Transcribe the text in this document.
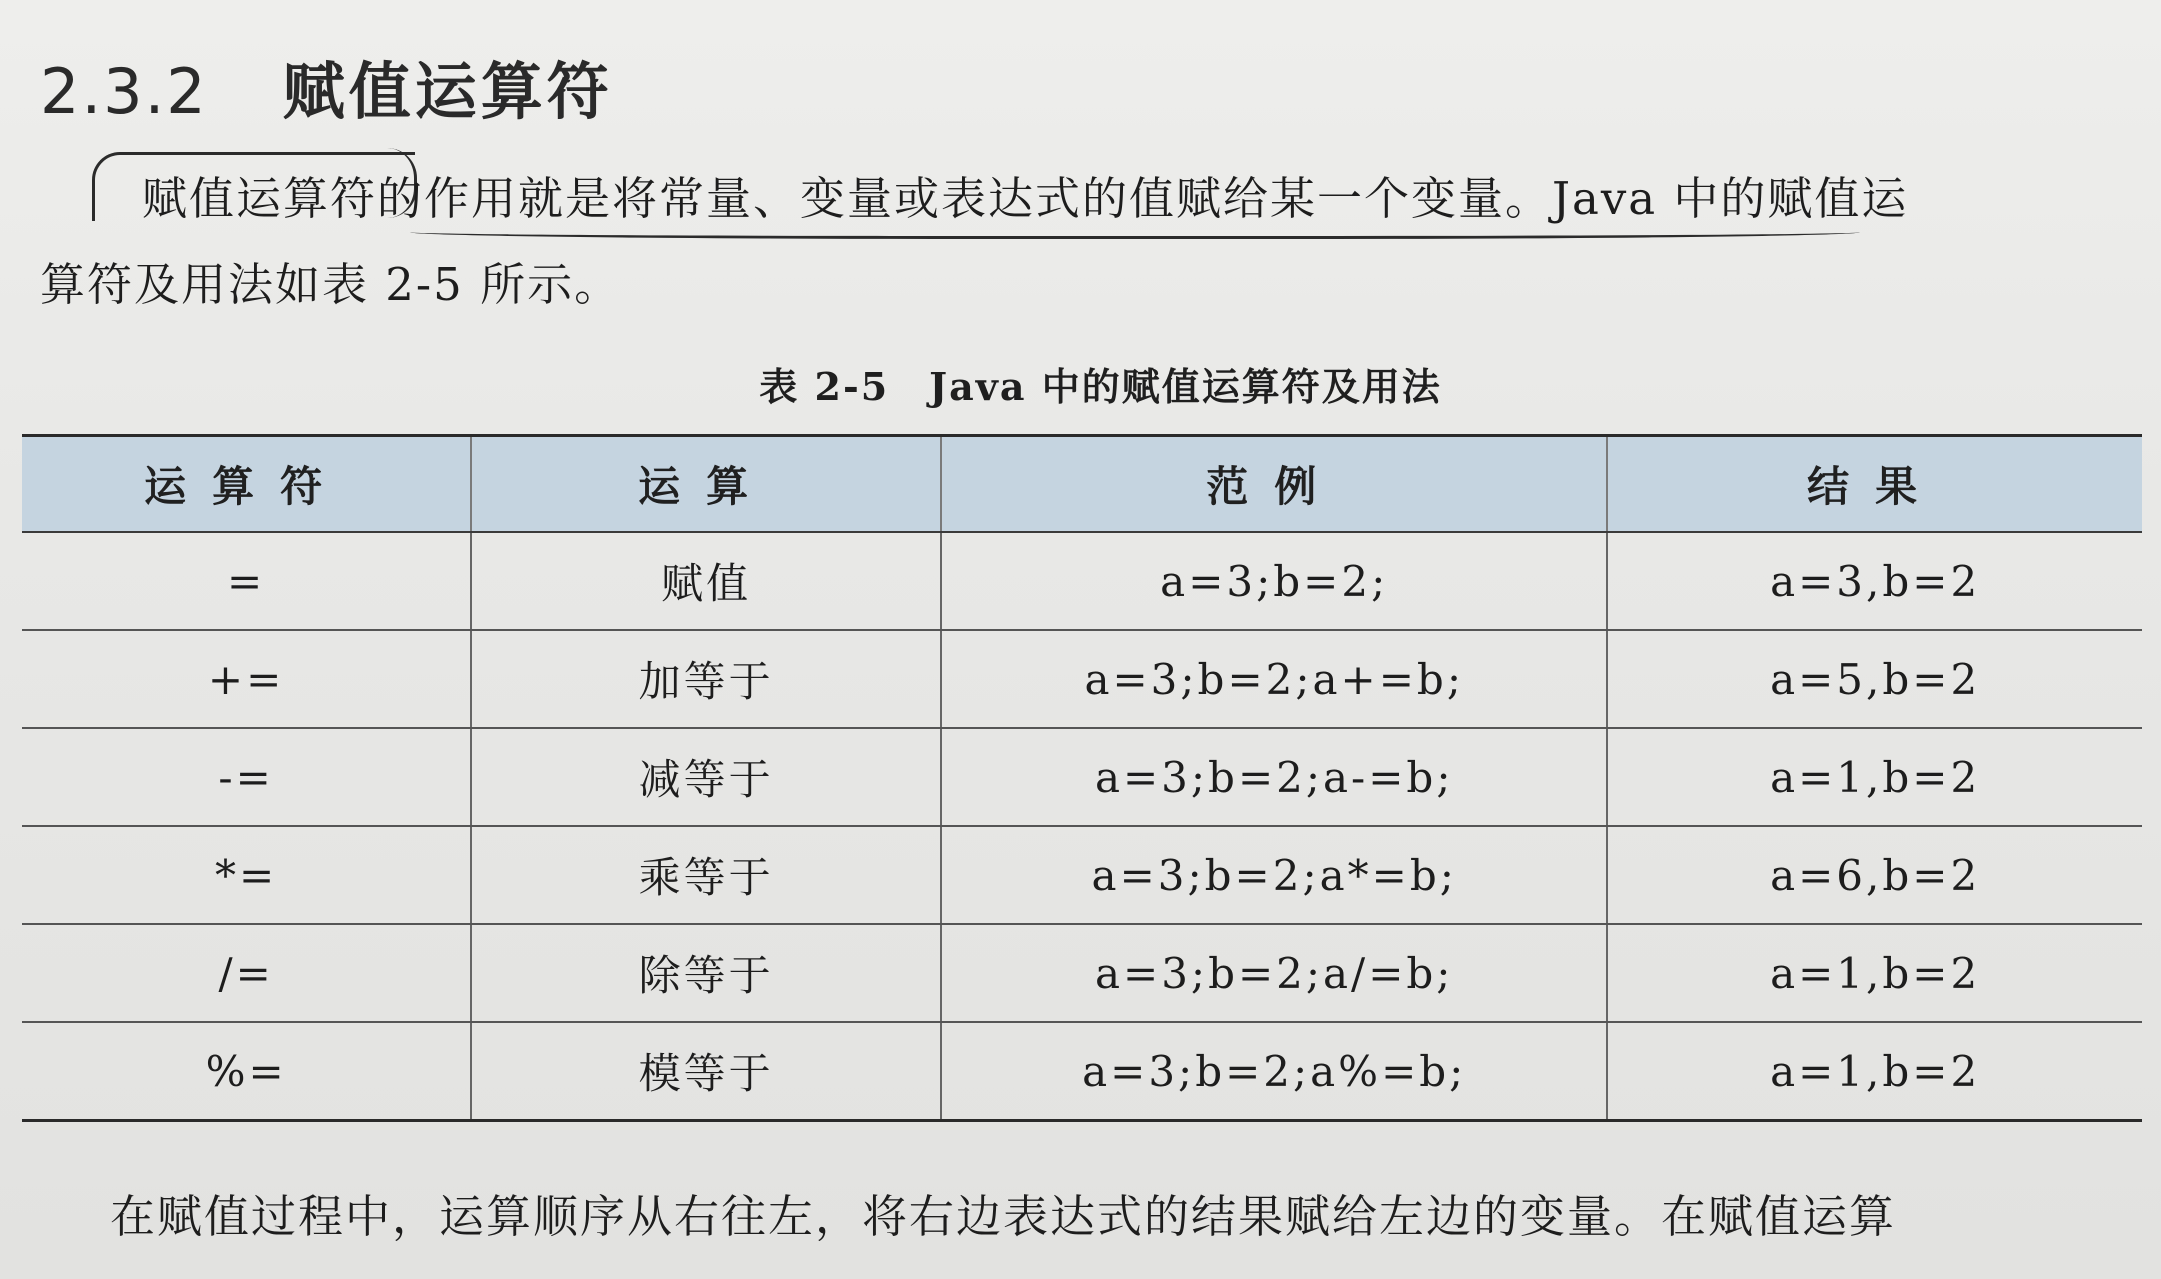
2.3.2 赋值运算符
赋值运算符的作用就是将常量、变量或表达式的值赋给某一个变量。Java 中的赋值运
算符及用法如表 2-5 所示。
表 2-5　Java 中的赋值运算符及用法
运算符	运算	范例	结果
=	赋值	a=3;b=2;	a=3,b=2
+=	加等于	a=3;b=2;a+=b;	a=5,b=2
-=	减等于	a=3;b=2;a-=b;	a=1,b=2
*=	乘等于	a=3;b=2;a*=b;	a=6,b=2
/=	除等于	a=3;b=2;a/=b;	a=1,b=2
%=	模等于	a=3;b=2;a%=b;	a=1,b=2
在赋值过程中，运算顺序从右往左，将右边表达式的结果赋给左边的变量。在赋值运算
